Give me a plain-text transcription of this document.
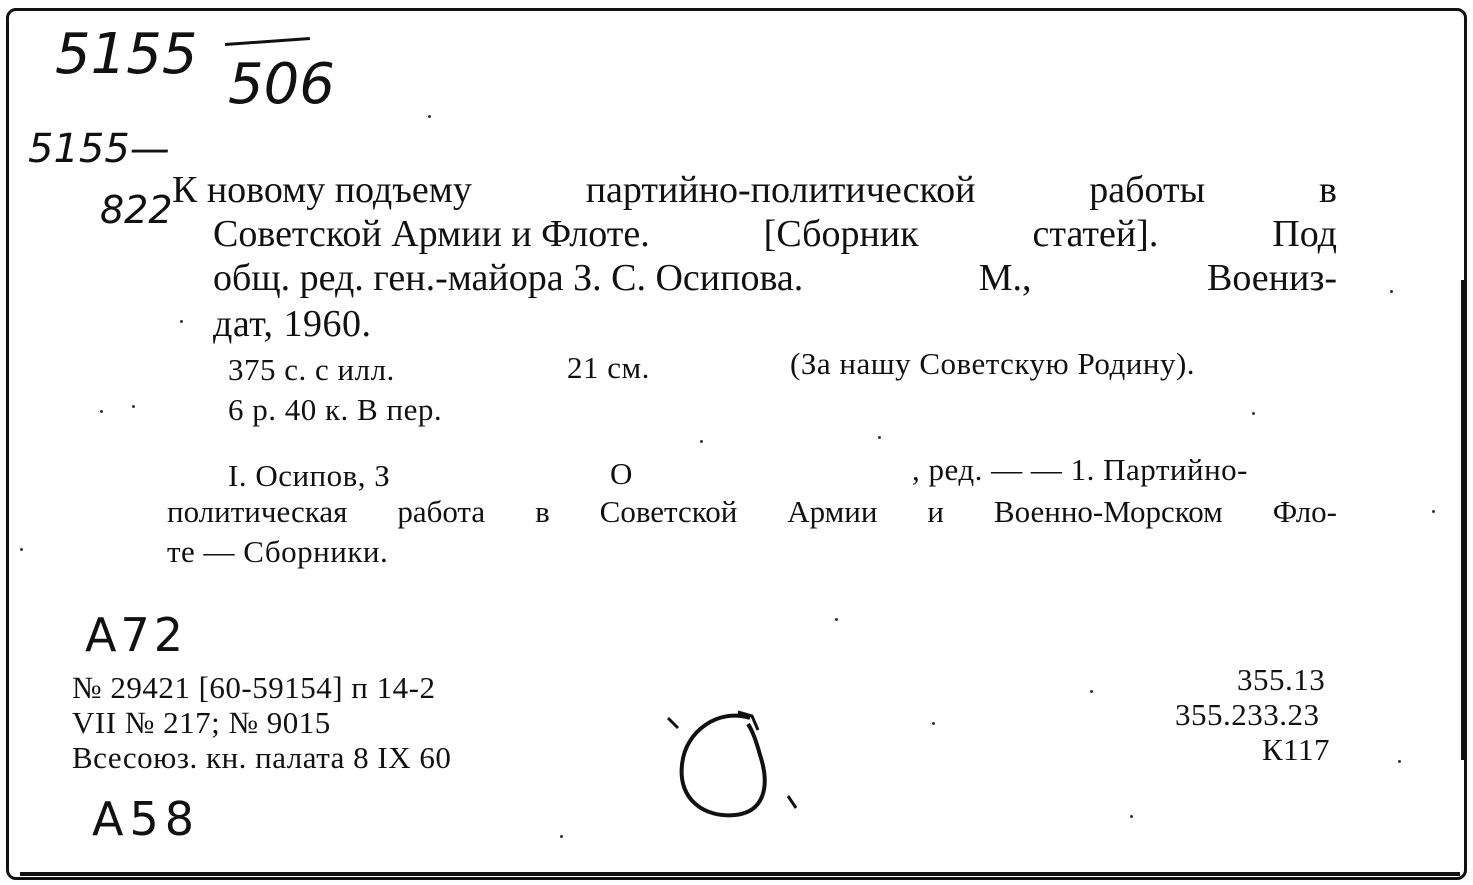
5155 506
5155—
822 К новому подъему	партийно-политической	работы	в
Советской Армии и Флоте.	[Сборник	статей].	Под
общ. ред. ген.-майора З. С. Осипова.	М.,	Воениз-
дат, 1960.
375 с. с илл.	21 см.	(За нашу Советскую Родину).
6 р. 40 к. В пер.
I. Осипов, З	О	, ред. — — 1. Партийно-
политическая работа в Советской Армии и Военно-Морском Фло-
те — Сборники.
A72
A58
№ 29421 [60-59154] п 14-2
VII № 217; № 9015
Всесоюз. кн. палата 8 IX 60
355.13
355.233.23
К117
